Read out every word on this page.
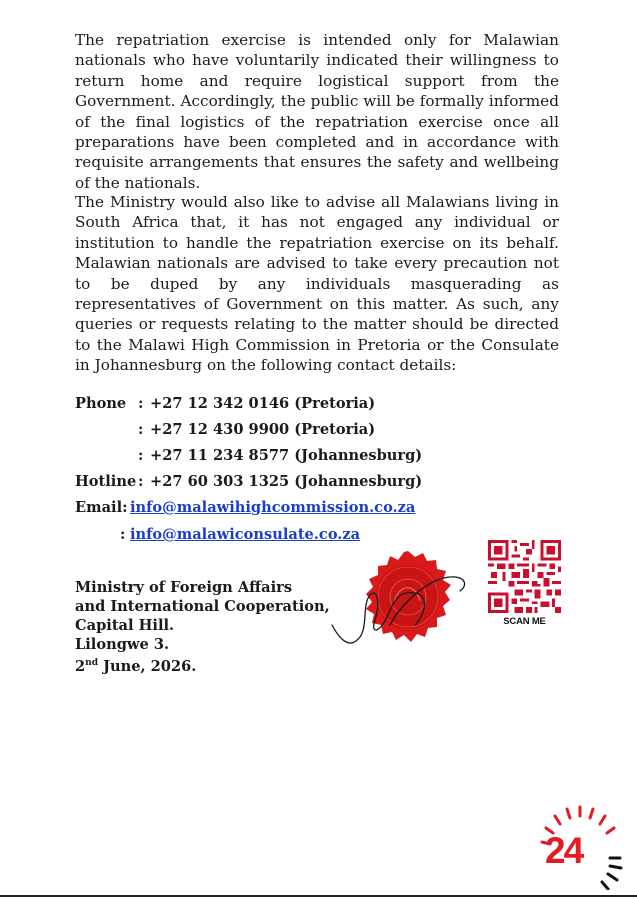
The repatriation exercise is intended only for Malawian nationals who have voluntarily indicated their willingness to return home and require logistical support from the Government. Accordingly, the public will be formally informed of the final logistics of the repatriation exercise once all preparations have been completed and in accordance with requisite arrangements that ensures the safety and wellbeing of the nationals.

The Ministry would also like to advise all Malawians living in South Africa that, it has not engaged any individual or institution to handle the repatriation exercise on its behalf. Malawian nationals are advised to take every precaution not to be duped by any individuals masquerading as representatives of Government on this matter. As such, any queries or requests relating to the matter should be directed to the Malawi High Commission in Pretoria or the Consulate in Johannesburg on the following contact details:

Phone : +27 12 342 0146 (Pretoria)
: +27 12 430 9900 (Pretoria)
: +27 11 234 8577 (Johannesburg)
Hotline : +27 60 303 1325 (Johannesburg)
Email: info@malawihighcommission.co.za
: info@malawiconsulate.co.za
Ministry of Foreign Affairs
and International Cooperation,
Capital Hill.
Lilongwe 3.
2nd June, 2026.
SCAN ME
24
